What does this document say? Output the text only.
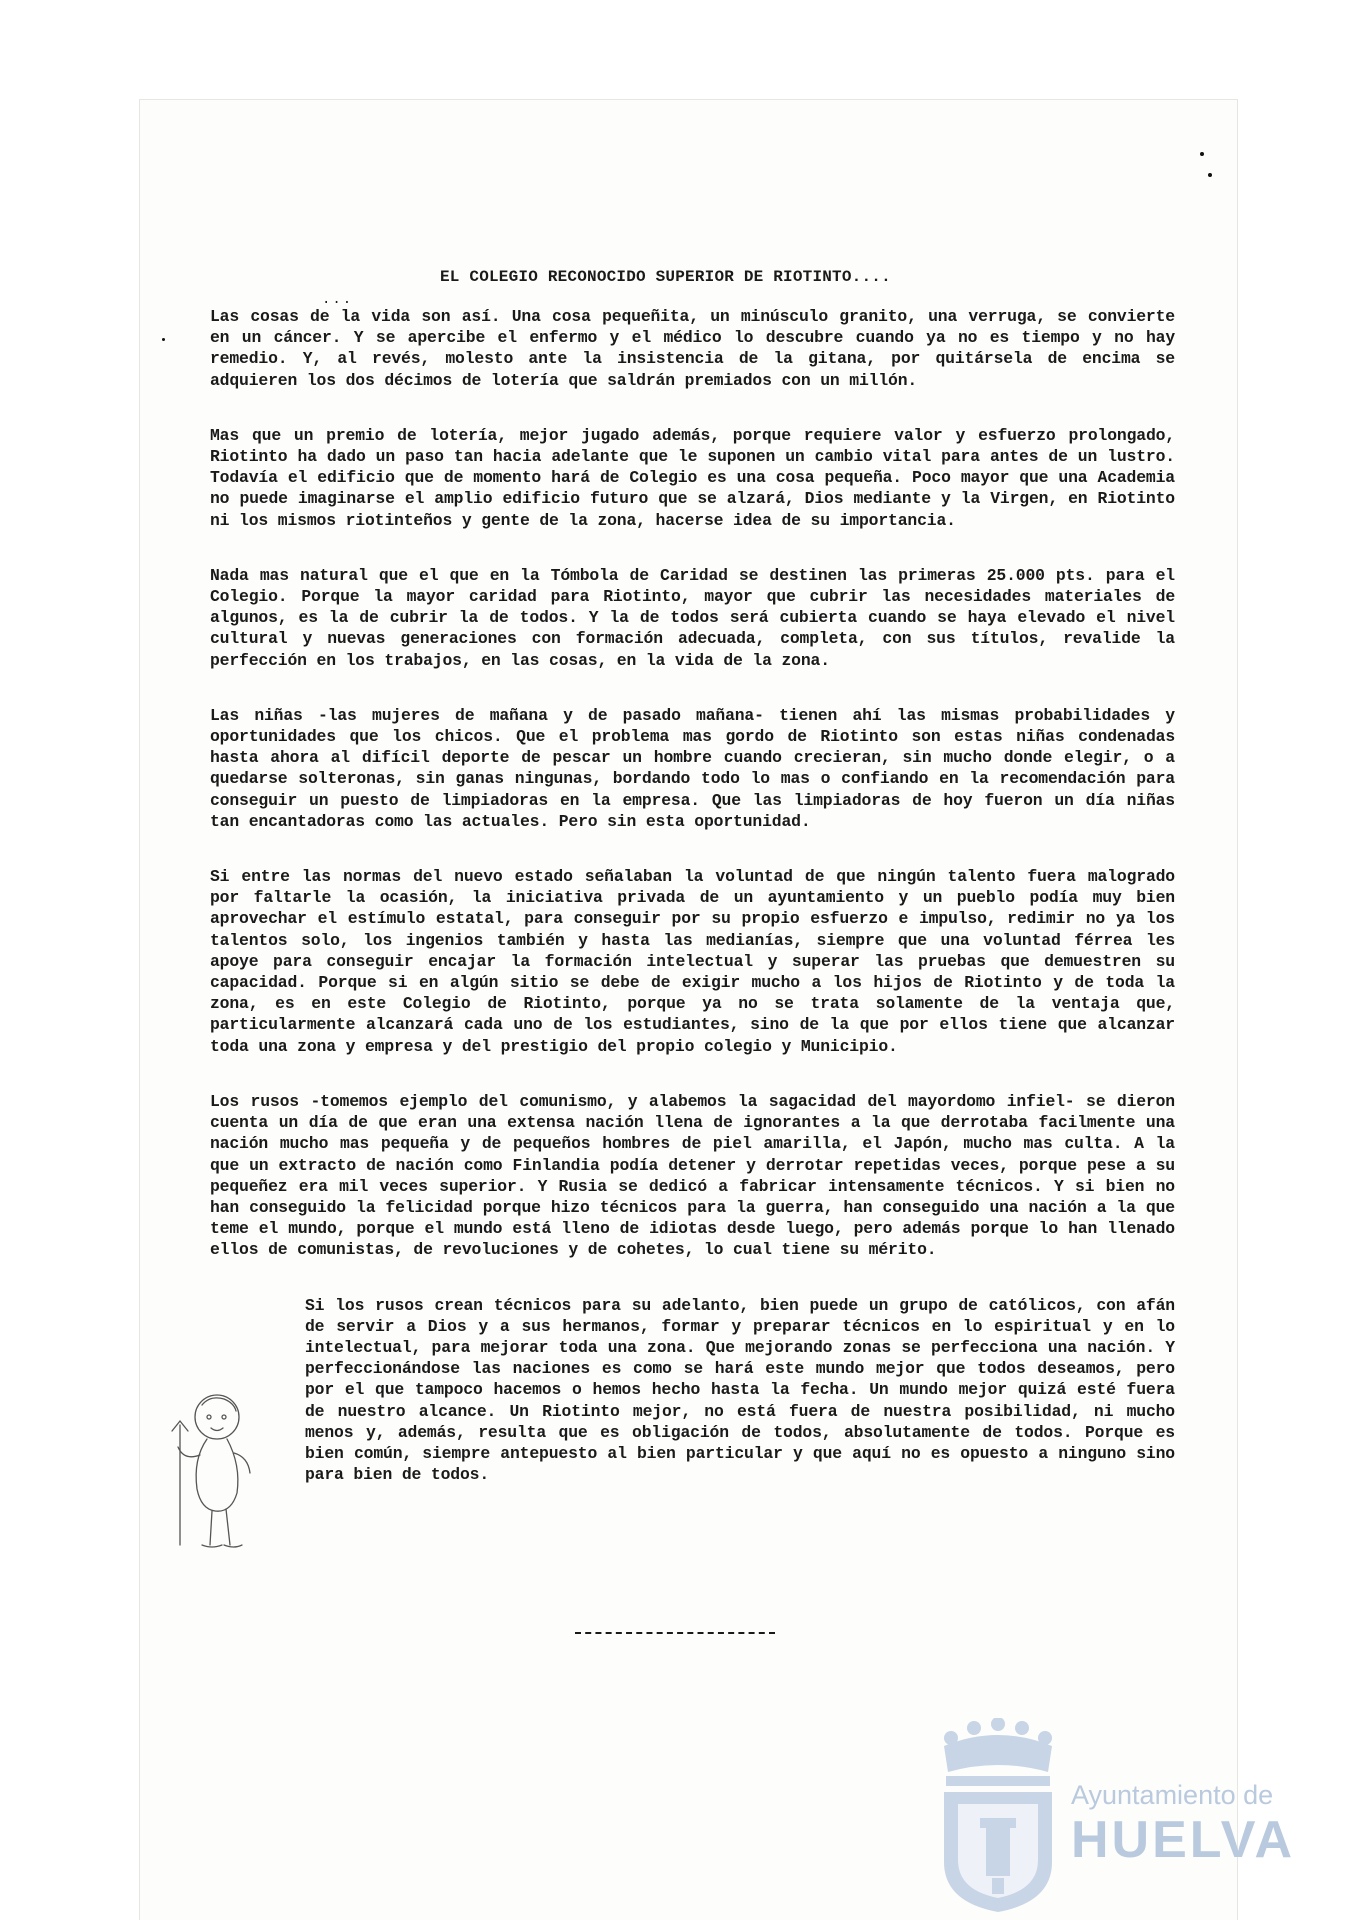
EL COLEGIO RECONOCIDO SUPERIOR DE RIOTINTO....
...

Las cosas de la vida son así. Una cosa pequeñita, un minúsculo granito, una verruga, se convierte en un cáncer. Y se apercibe el enfermo y el médico lo descubre cuando ya no es tiempo y no hay remedio. Y, al revés, molesto ante la insistencia de la gitana, por quitársela de encima se adquieren los dos décimos de lotería que saldrán premiados con un millón.

Mas que un premio de lotería, mejor jugado además, porque requiere valor y esfuerzo prolongado, Riotinto ha dado un paso tan hacia adelante que le suponen un cambio vital para antes de un lustro. Todavía el edificio que de momento hará de Colegio es una cosa pequeña. Poco mayor que una Academia no puede imaginarse el amplio edificio futuro que se alzará, Dios mediante y la Virgen, en Riotinto ni los mismos riotinteños y gente de la zona, hacerse idea de su importancia.

Nada mas natural que el que en la Tómbola de Caridad se destinen las primeras 25.000 pts. para el Colegio. Porque la mayor caridad para Riotinto, mayor que cubrir las necesidades materiales de algunos, es la de cubrir la de todos. Y la de todos será cubierta cuando se haya elevado el nivel cultural y nuevas generaciones con formación adecuada, completa, con sus títulos, revalide la perfección en los trabajos, en las cosas, en la vida de la zona.

Las niñas -las mujeres de mañana y de pasado mañana- tienen ahí las mismas probabilidades y oportunidades que los chicos. Que el problema mas gordo de Riotinto son estas niñas condenadas hasta ahora al difícil deporte de pescar un hombre cuando crecieran, sin mucho donde elegir, o a quedarse solteronas, sin ganas ningunas, bordando todo lo mas o confiando en la recomendación para conseguir un puesto de limpiadoras en la empresa. Que las limpiadoras de hoy fueron un día niñas tan encantadoras como las actuales. Pero sin esta oportunidad.

Si entre las normas del nuevo estado señalaban la voluntad de que ningún talento fuera malogrado por faltarle la ocasión, la iniciativa privada de un ayuntamiento y un pueblo podía muy bien aprovechar el estímulo estatal, para conseguir por su propio esfuerzo e impulso, redimir no ya los talentos solo, los ingenios también y hasta las medianías, siempre que una voluntad férrea les apoye para conseguir encajar la formación intelectual y superar las pruebas que demuestren su capacidad. Porque si en algún sitio se debe de exigir mucho a los hijos de Riotinto y de toda la zona, es en este Colegio de Riotinto, porque ya no se trata solamente de la ventaja que, particularmente alcanzará cada uno de los estudiantes, sino de la que por ellos tiene que alcanzar toda una zona y empresa y del prestigio del propio colegio y Municipio.

Los rusos -tomemos ejemplo del comunismo, y alabemos la sagacidad del mayordomo infiel- se dieron cuenta un día de que eran una extensa nación llena de ignorantes a la que derrotaba facilmente una nación mucho mas pequeña y de pequeños hombres de piel amarilla, el Japón, mucho mas culta. A la que un extracto de nación como Finlandia podía detener y derrotar repetidas veces, porque pese a su pequeñez era mil veces superior. Y Rusia se dedicó a fabricar intensamente técnicos. Y si bien no han conseguido la felicidad porque hizo técnicos para la guerra, han conseguido una nación a la que teme el mundo, porque el mundo está lleno de idiotas desde luego, pero además porque lo han llenado ellos de comunistas, de revoluciones y de cohetes, lo cual tiene su mérito.

Si los rusos crean técnicos para su adelanto, bien puede un grupo de católicos, con afán de servir a Dios y a sus hermanos, formar y preparar técnicos en lo espiritual y en lo intelectual, para mejorar toda una zona. Que mejorando zonas se perfecciona una nación. Y perfeccionándose las naciones es como se hará este mundo mejor que todos deseamos, pero por el que tampoco hacemos o hemos hecho hasta la fecha. Un mundo mejor quizá esté fuera de nuestro alcance. Un Riotinto mejor, no está fuera de nuestra posibilidad, ni mucho menos y, además, resulta que es obligación de todos, absolutamente de todos. Porque es bien común, siempre antepuesto al bien particular y que aquí no es opuesto a ninguno sino para bien de todos.

Ayuntamiento de
HUELVA
